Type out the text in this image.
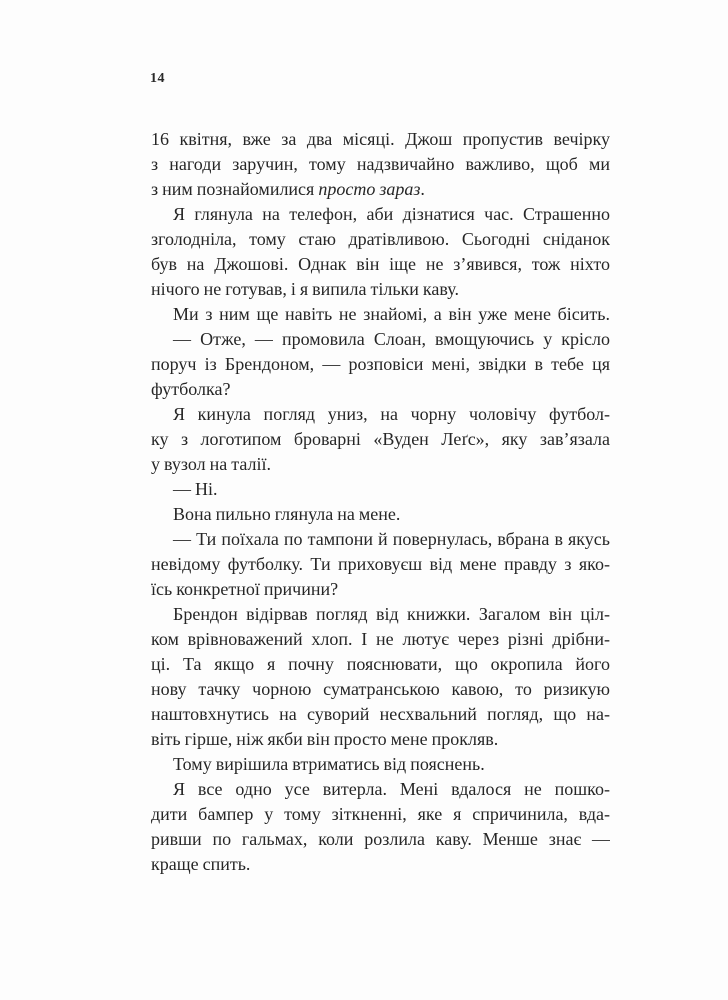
14
16 квітня, вже за два місяці. Джош пропустив вечірку
з нагоди заручин, тому надзвичайно важливо, щоб ми
з ним познайомилися просто зараз.
Я глянула на телефон, аби дізнатися час. Страшенно
зголодніла, тому стаю дратівливою. Сьогодні сніданок
був на Джошові. Однак він іще не з’явився, тож ніхто
нічого не готував, і я випила тільки каву.
Ми з ним ще навіть не знайомі, а він уже мене бісить.
— Отже, — промовила Слоан, вмощуючись у крісло
поруч із Брендоном, — розповіси мені, звідки в тебе ця
футболка?
Я кинула погляд униз, на чорну чоловічу футбол-
ку з логотипом броварні «Вуден Леґс», яку зав’язала
у вузол на талії.
— Ні.
Вона пильно глянула на мене.
— Ти поїхала по тампони й повернулась, вбрана в якусь
невідому футболку. Ти приховуєш від мене правду з яко-
їсь конкретної причини?
Брендон відірвав погляд від книжки. Загалом він ціл-
ком врівноважений хлоп. І не лютує через різні дрібни-
ці. Та якщо я почну пояснювати, що окропила його
нову тачку чорною суматранською кавою, то ризикую
наштовхнутись на суворий несхвальний погляд, що на-
віть гірше, ніж якби він просто мене прокляв.
Тому вирішила втриматись від пояснень.
Я все одно усе витерла. Мені вдалося не пошко-
дити бампер у тому зіткненні, яке я спричинила, вда-
ривши по гальмах, коли розлила каву. Менше знає —
краще спить.
